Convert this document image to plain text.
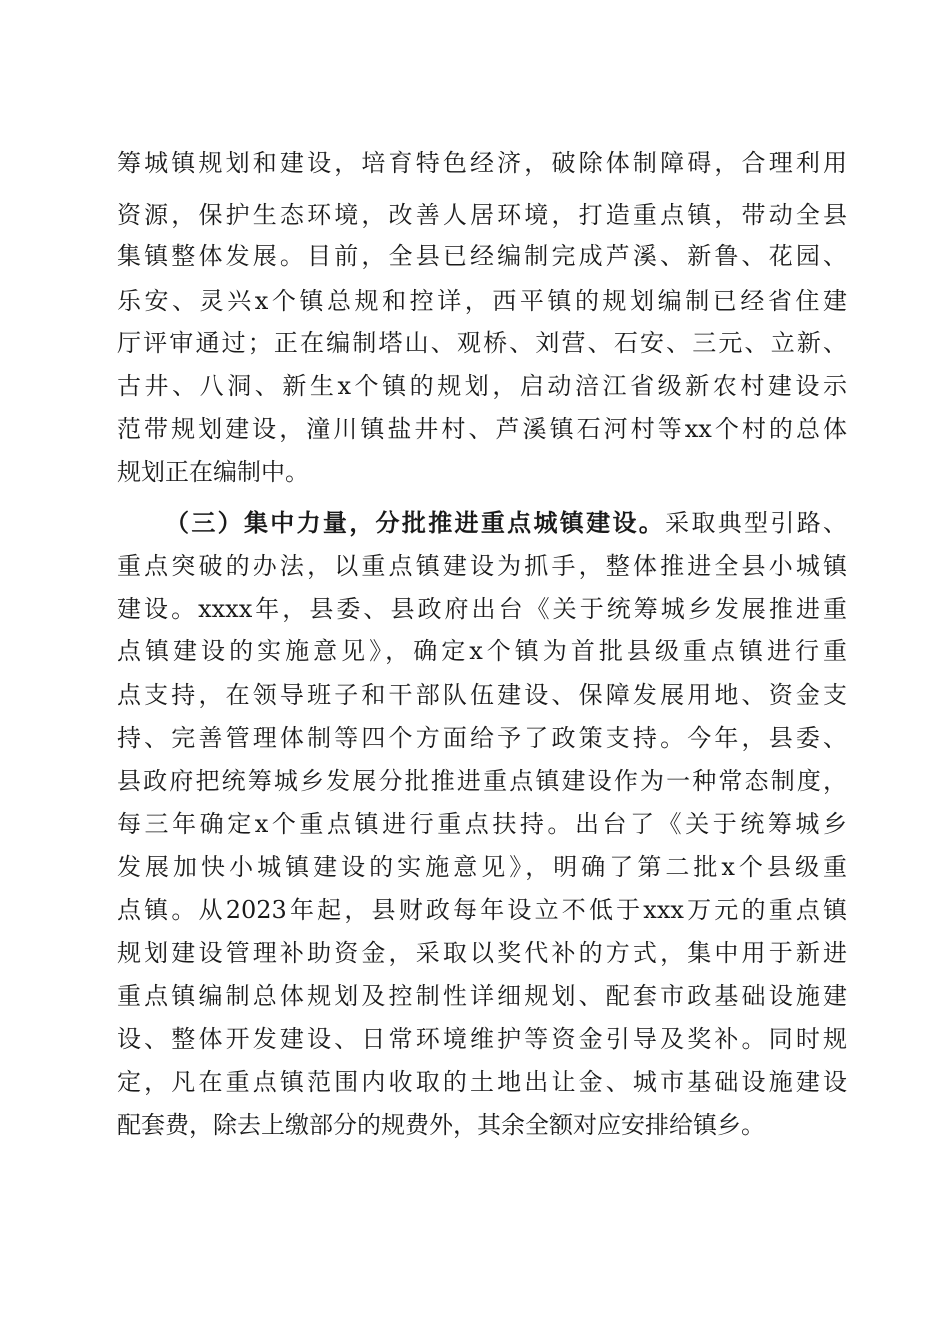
筹城镇规划和建设，培育特色经济，破除体制障碍，合理利用
资源，保护生态环境，改善人居环境，打造重点镇，带动全县
集镇整体发展。目前，全县已经编制完成芦溪、新鲁、花园、
乐安、灵兴x个镇总规和控详，西平镇的规划编制已经省住建
厅评审通过；正在编制塔山、观桥、刘营、石安、三元、立新、
古井、八洞、新生x个镇的规划，启动涪江省级新农村建设示
范带规划建设，潼川镇盐井村、芦溪镇石河村等xx个村的总体
规划正在编制中。
（三）集中力量，分批推进重点城镇建设。采取典型引路、
重点突破的办法，以重点镇建设为抓手，整体推进全县小城镇
建设。xxxx年，县委、县政府出台《关于统筹城乡发展推进重
点镇建设的实施意见》，确定x个镇为首批县级重点镇进行重
点支持，在领导班子和干部队伍建设、保障发展用地、资金支
持、完善管理体制等四个方面给予了政策支持。今年，县委、
县政府把统筹城乡发展分批推进重点镇建设作为一种常态制度，
每三年确定x个重点镇进行重点扶持。出台了《关于统筹城乡
发展加快小城镇建设的实施意见》，明确了第二批x个县级重
点镇。从2023年起，县财政每年设立不低于xxx万元的重点镇
规划建设管理补助资金，采取以奖代补的方式，集中用于新进
重点镇编制总体规划及控制性详细规划、配套市政基础设施建
设、整体开发建设、日常环境维护等资金引导及奖补。同时规
定，凡在重点镇范围内收取的土地出让金、城市基础设施建设
配套费，除去上缴部分的规费外，其余全额对应安排给镇乡。
